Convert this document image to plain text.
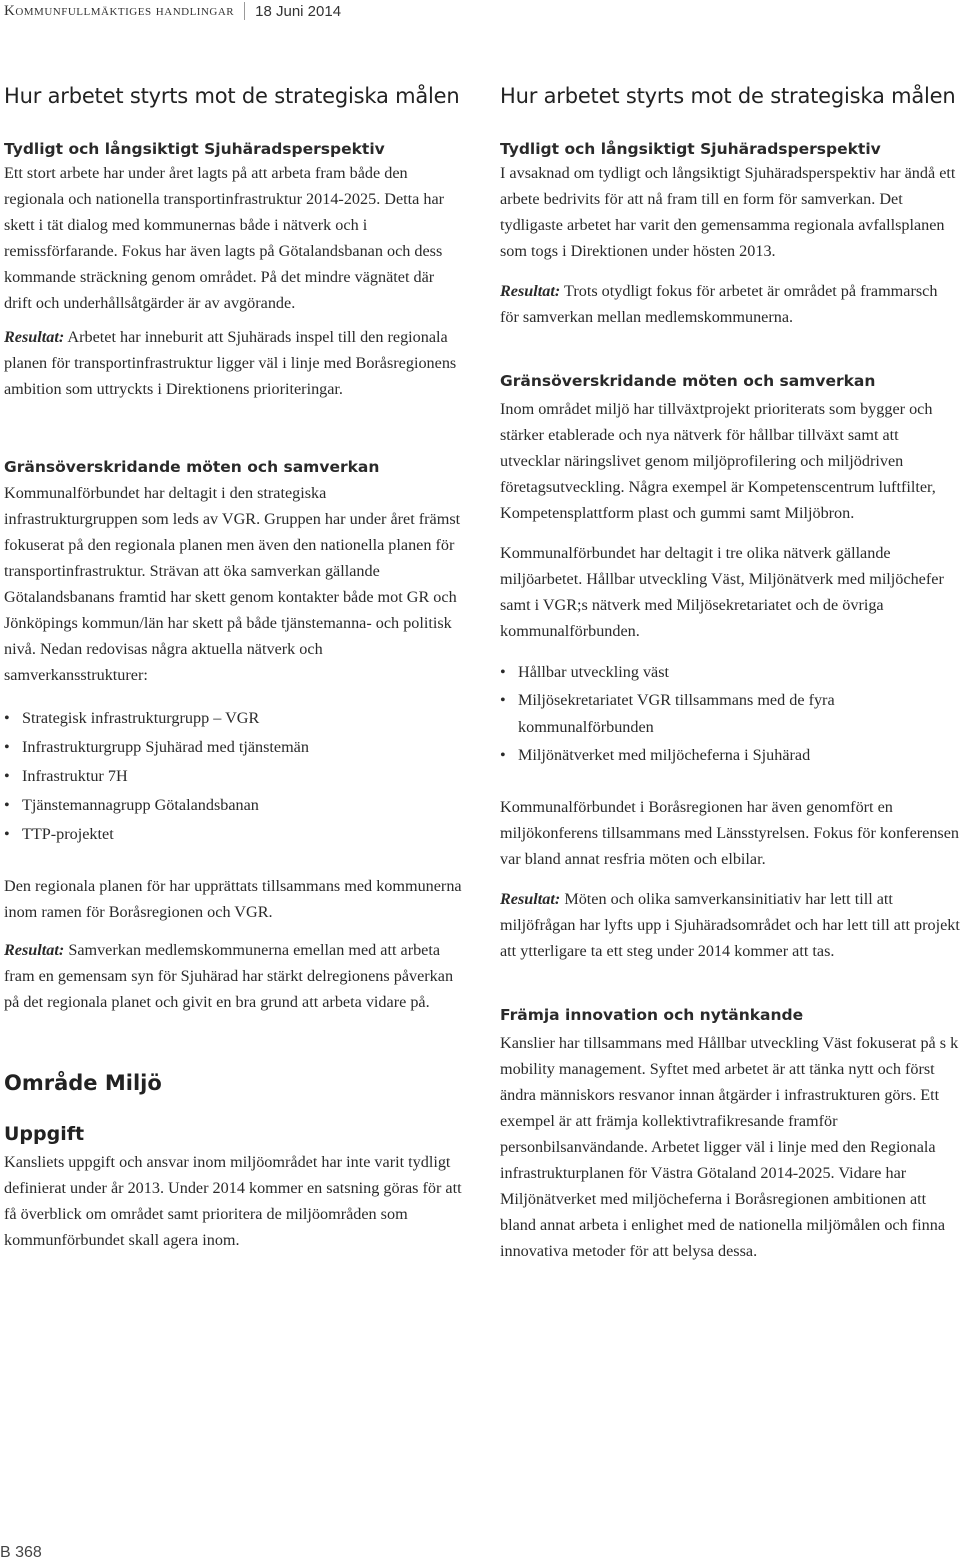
Kommunfullmäktiges handlingar 18 Juni 2014
Hur arbetet styrts mot de strategiska målen Hur arbetet styrts mot de strategiska målen
Tydligt och långsiktigt Sjuhäradsperspektiv

Ett stort arbete har under året lagts på att arbeta fram både den regionala och nationella transportinfrastruktur 2014-2025. Detta har skett i tät dialog med kommunernas både i nätverk och i remissförfarande. Fokus har även lagts på Götalandsbanan och dess kommande sträckning genom området. På det mindre vägnätet där drift och underhållsåtgärder är av avgörande.

Resultat: Arbetet har inneburit att Sjuhärads inspel till den regionala planen för transportinfrastruktur ligger väl i linje med Boråsregionens ambition som uttryckts i Direktionens prioriteringar.

Gränsöverskridande möten och samverkan

Kommunalförbundet har deltagit i den strategiska infrastrukturgruppen som leds av VGR. Gruppen har under året främst fokuserat på den regionala planen men även den nationella planen för transportinfrastruktur. Strävan att öka samverkan gällande Götalandsbanans framtid har skett genom kontakter både mot GR och Jönköpings kommun/län har skett på både tjänstemanna- och politisk nivå. Nedan redovisas några aktuella nätverk och samverkansstrukturer:

• Strategisk infrastrukturgrupp – VGR
• Infrastrukturgrupp Sjuhärad med tjänstemän
• Infrastruktur 7H
• Tjänstemannagrupp Götalandsbanan
• TTP-projektet

Den regionala planen för har upprättats tillsammans med kommunerna inom ramen för Boråsregionen och VGR.

Resultat: Samverkan medlemskommunerna emellan med att arbeta fram en gemensam syn för Sjuhärad har stärkt delregionens påverkan på det regionala planet och givit en bra grund att arbeta vidare på.

Område Miljö
Uppgift

Kansliets uppgift och ansvar inom miljöområdet har inte varit tydligt definierat under år 2013. Under 2014 kommer en satsning göras för att få överblick om området samt prioritera de miljöområden som kommunförbundet skall agera inom.

Tydligt och långsiktigt Sjuhäradsperspektiv

I avsaknad om tydligt och långsiktigt Sjuhäradsperspektiv har ändå ett arbete bedrivits för att nå fram till en form för samverkan. Det tydligaste arbetet har varit den gemensamma regionala avfallsplanen som togs i Direktionen under hösten 2013.

Resultat: Trots otydligt fokus för arbetet är området på frammarsch för samverkan mellan medlemskommunerna.

Gränsöverskridande möten och samverkan

Inom området miljö har tillväxtprojekt prioriterats som bygger och stärker etablerade och nya nätverk för hållbar tillväxt samt att utvecklar näringslivet genom miljöprofilering och miljödriven företagsutveckling. Några exempel är Kompetenscentrum luftfilter, Kompetensplattform plast och gummi samt Miljöbron.

Kommunalförbundet har deltagit i tre olika nätverk gällande miljöarbetet. Hållbar utveckling Väst, Miljönätverk med miljöchefer samt i VGR;s nätverk med Miljösekretariatet och de övriga kommunalförbunden.

• Hållbar utveckling väst
• Miljösekretariatet VGR tillsammans med de fyra kommunalförbunden
• Miljönätverket med miljöcheferna i Sjuhärad

Kommunalförbundet i Boråsregionen har även genomfört en miljökonferens tillsammans med Länsstyrelsen. Fokus för konferensen var bland annat resfria möten och elbilar.

Resultat: Möten och olika samverkansinitiativ har lett till att miljöfrågan har lyfts upp i Sjuhäradsområdet och har lett till att projekt att ytterligare ta ett steg under 2014 kommer att tas.

Främja innovation och nytänkande

Kanslier har tillsammans med Hållbar utveckling Väst fokuserat på s k mobility management. Syftet med arbetet är att tänka nytt och först ändra människors resvanor innan åtgärder i infrastrukturen görs. Ett exempel är att främja kollektivtrafikresande framför personbilsanvändande. Arbetet ligger väl i linje med den Regionala infrastrukturplanen för Västra Götaland 2014-2025. Vidare har Miljönätverket med miljöcheferna i Boråsregionen ambitionen att bland annat arbeta i enlighet med de nationella miljömålen och finna innovativa metoder för att belysa dessa.

B 368
